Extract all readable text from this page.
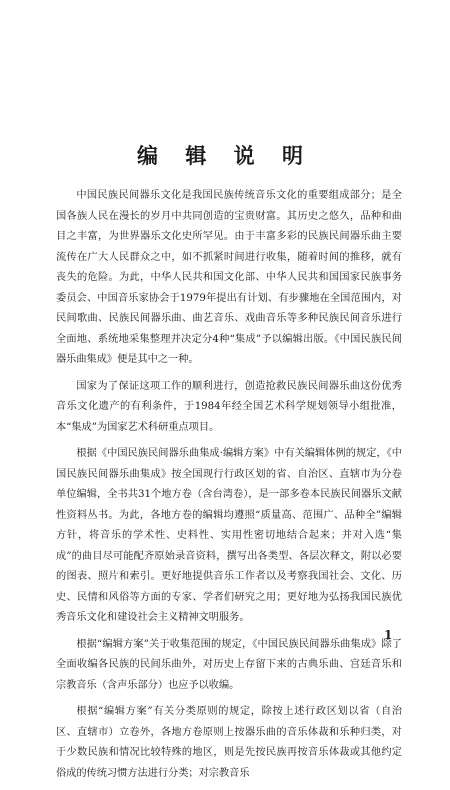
编 辑 说 明

中国民族民间器乐文化是我国民族传统音乐文化的重要组成部分；是全国各族人民在漫长的岁月中共同创造的宝贵财富。其历史之悠久，品种和曲目之丰富，为世界器乐文化史所罕见。由于丰富多彩的民族民间器乐曲主要流传在广大人民群众之中，如不抓紧时间进行收集，随着时间的推移，就有丧失的危险。为此，中华人民共和国文化部、中华人民共和国国家民族事务委员会、中国音乐家协会于1979年提出有计划、有步骤地在全国范围内，对民间歌曲、民族民间器乐曲、曲艺音乐、戏曲音乐等多种民族民间音乐进行全面地、系统地采集整理并决定分4种“集成”予以编辑出版。《中国民族民间器乐曲集成》便是其中之一种。

国家为了保证这项工作的顺利进行，创造抢救民族民间器乐曲这份优秀音乐文化遗产的有利条件，于1984年经全国艺术科学规划领导小组批准，本“集成”为国家艺术科研重点项目。

根据《中国民族民间器乐曲集成·编辑方案》中有关编辑体例的规定，《中国民族民间器乐曲集成》按全国现行行政区划的省、自治区、直辖市为分卷单位编辑，全书共31个地方卷（含台湾卷），是一部多卷本民族民间器乐文献性资料丛书。为此，各地方卷的编辑均遵照“质量高、范围广、品种全”编辑方针，将音乐的学术性、史料性、实用性密切地结合起来；并对入选“集成”的曲目尽可能配齐原始录音资料，撰写出各类型、各层次释文，附以必要的图表、照片和索引。更好地提供音乐工作者以及考察我国社会、文化、历史、民情和风俗等方面的专家、学者们研究之用；更好地为弘扬我国民族优秀音乐文化和建设社会主义精神文明服务。

根据“编辑方案”关于收集范围的规定，《中国民族民间器乐曲集成》除了全面收编各民族的民间乐曲外，对历史上存留下来的古典乐曲、宫廷音乐和宗教音乐（含声乐部分）也应予以收编。

根据“编辑方案”有关分类原则的规定，除按上述行政区划以省（自治区、直辖市）立卷外，各地方卷原则上按器乐曲的音乐体裁和乐种归类，对于少数民族和情况比较特殊的地区，则是先按民族再按音乐体裁或其他约定俗成的传统习惯方法进行分类；对宗教音乐

1
